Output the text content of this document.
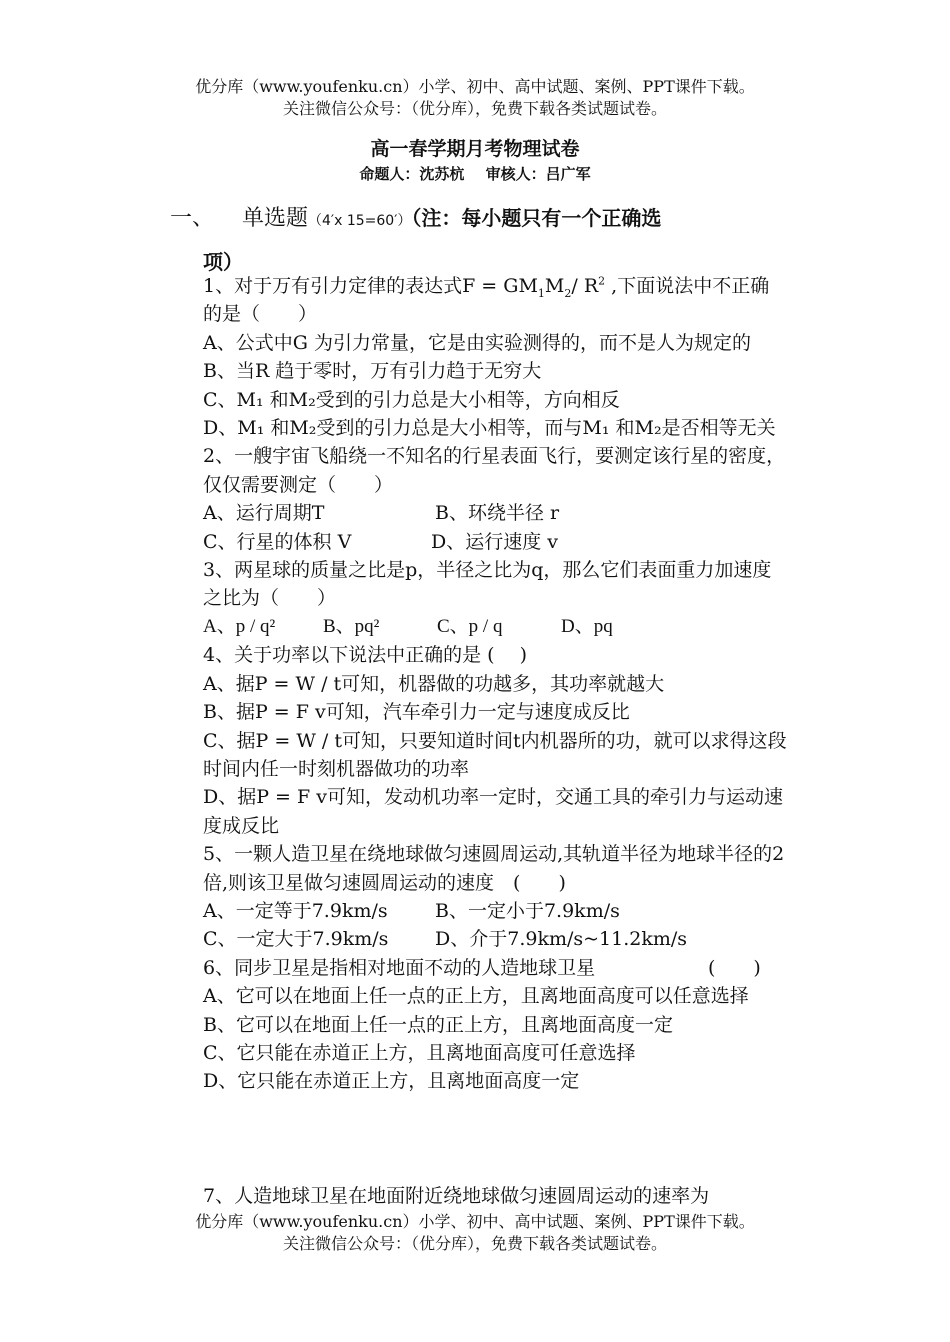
优分库（www.youfenku.cn）小学、初中、高中试题、案例、PPT课件下载。
关注微信公众号：（优分库），免费下载各类试题试卷。
高一春学期月考物理试卷
命题人：沈苏杭 审核人：吕广军
一、 单选题（4′x 15=60′）（注：每小题只有一个正确选
项）

1、对于万有引力定律的表达式$F = GM_1M_2/$ $R^2$ ,下面说法中不正确的是（　　）

A、公式中G 为引力常量，它是由实验测得的，而不是人为规定的

B、当R 趋于零时，万有引力趋于无穷大

C、M₁ 和M₂受到的引力总是大小相等，方向相反

D、M₁ 和M₂受到的引力总是大小相等，而与M₁ 和M₂是否相等无关

2、一艘宇宙飞船绕一不知名的行星表面飞行，要测定该行星的密度，仅仅需要测定（　　）

A、运行周期T	B、环绕半径 r

C、行星的体积 V	D、运行速度 v

3、两星球的质量之比是p，半径之比为q，那么它们表面重力加速度之比为（　　）

A、p / q²	B、pq²	C、p / q	D、pq

4、关于功率以下说法中正确的是 (　 )

A、据P = W / t可知，机器做的功越多，其功率就越大

B、据P = F v可知，汽车牵引力一定与速度成反比

C、据P = W / t可知，只要知道时间t内机器所的功，就可以求得这段时间内任一时刻机器做功的功率

D、据P = F v可知，发动机功率一定时，交通工具的牵引力与运动速度成反比

5、一颗人造卫星在绕地球做匀速圆周运动,其轨道半径为地球半径的2倍,则该卫星做匀速圆周运动的速度　(　　)

A、一定等于7.9km/s B、一定小于7.9km/s

C、一定大于7.9km/s D、介于7.9km/s~11.2km/s

6、同步卫星是指相对地面不动的人造地球卫星	(　　)

A、它可以在地面上任一点的正上方，且离地面高度可以任意选择

B、它可以在地面上任一点的正上方，且离地面高度一定

C、它只能在赤道正上方，且离地面高度可任意选择

D、它只能在赤道正上方，且离地面高度一定

7、人造地球卫星在地面附近绕地球做匀速圆周运动的速率为
优分库（www.youfenku.cn）小学、初中、高中试题、案例、PPT课件下载。
关注微信公众号：（优分库），免费下载各类试题试卷。
